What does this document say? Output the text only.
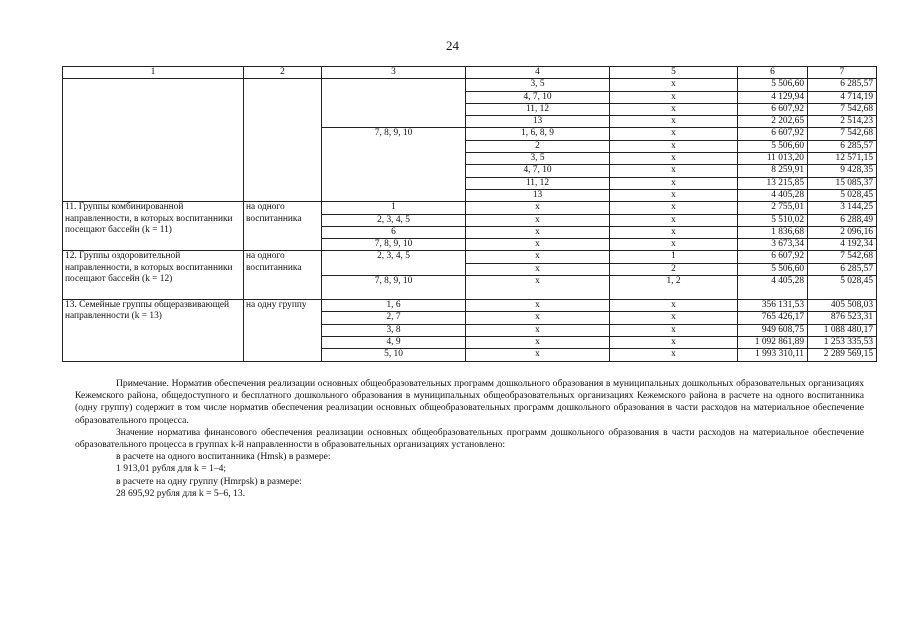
24
1	2	3	4	5	6	7
			3, 5	х	5 506,60	6 285,57
			4, 7, 10	х	4 129,94	4 714,19
			11, 12	х	6 607,92	7 542,68
			13	х	2 202,65	2 514,23
		7, 8, 9, 10	1, 6, 8, 9	х	6 607,92	7 542,68
			2	х	5 506,60	6 285,57
			3, 5	х	11 013,20	12 571,15
			4, 7, 10	х	8 259,91	9 428,35
			11, 12	х	13 215,85	15 085,37
			13	х	4 405,28	5 028,45
11. Группы комбинированной направленности, в которых воспитанники посещают бассейн (k = 11)	на одного воспитанника	1	х	х	2 755,01	3 144,25
		2, 3, 4, 5	х	х	5 510,02	6 288,49
		6	х	х	1 836,68	2 096,16
		7, 8, 9, 10	х	х	3 673,34	4 192,34
12. Группы оздоровительной направленности, в которых воспитанники посещают бассейн (k = 12)	на одного воспитанника	2, 3, 4, 5	х	1	6 607,92	7 542,68
			х	2	5 506,60	6 285,57
		7, 8, 9, 10	х	1, 2	4 405,28	5 028,45
13. Семейные группы общеразвивающей направленности (k = 13)	на одну группу	1, 6	х	х	356 131,53	405 508,03
		2, 7	х	х	765 426,17	876 523,31
		3, 8	х	х	949 608,75	1 088 480,17
		4, 9	х	х	1 092 861,89	1 253 335,53
		5, 10	х	х	1 993 310,11	2 289 569,15

Примечание. Норматив обеспечения реализации основных общеобразовательных программ дошкольного образования в муниципальных дошкольных образовательных организациях Кежемского района, общедоступного и бесплатного дошкольного образования в муниципальных общеобразовательных организациях Кежемского района в расчете на одного воспитанника (одну группу) содержит в том числе норматив обеспечения реализации основных общеобразовательных программ дошкольного образования в части расходов на материальное обеспечение образовательного процесса.

Значение норматива финансового обеспечения реализации основных общеобразовательных программ дошкольного образования в части расходов на материальное обеспечение образовательного процесса в группах k-й направленности в образовательных организациях установлено:

в расчете на одного воспитанника (Нmsk) в размере:

1 913,01 рубля для k = 1–4;

в расчете на одну группу (Нmrpsk) в размере:

28 695,92 рубля для k = 5–6, 13.
